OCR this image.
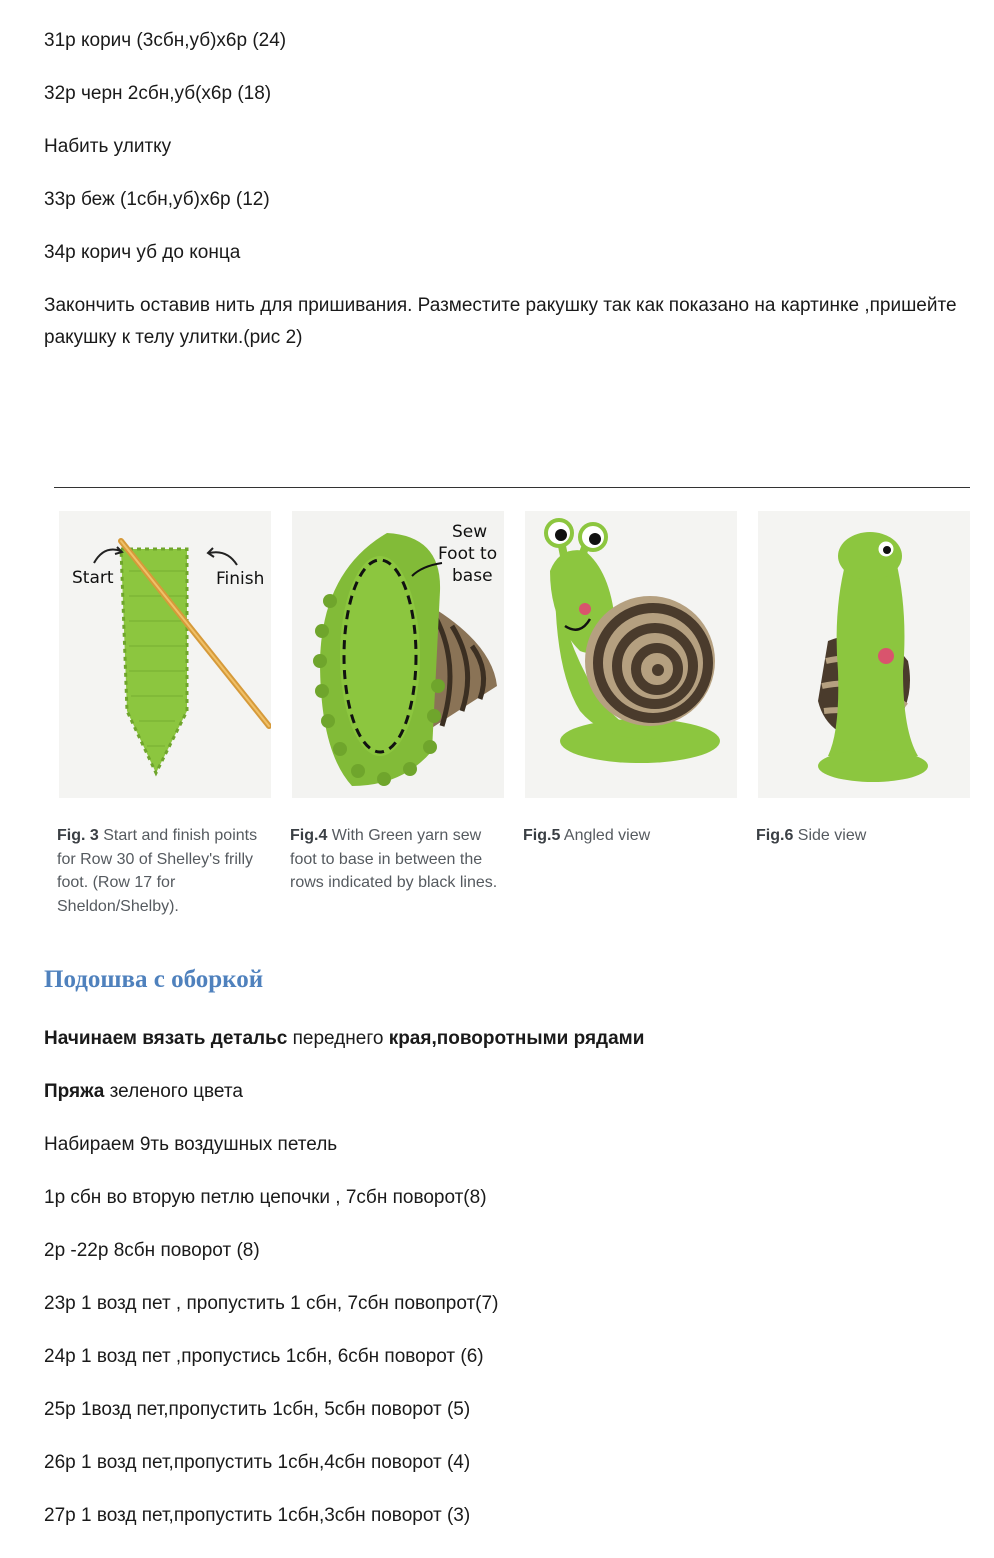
31р корич (3сбн,уб)х6р (24)

32р черн 2сбн,уб(х6р (18)

Набить улитку

33р беж (1сбн,уб)х6р (12)

34р корич уб до конца

Закончить оставив нить для пришивания. Разместите ракушку так как показано на картинке ,пришейте ракушку к телу улитки.(рис 2)

Start	Finish
Sew
Foot to
base

Fig. 3 Start and finish points for Row 30 of Shelley's frilly foot. (Row 17 for Sheldon/Shelby).

Fig.4 With Green yarn sew foot to base in between the rows indicated by black lines.

Fig.5 Angled view	Fig.6 Side view

Подошва с оборкой

Начинаем вязать детальс переднего края,поворотными рядами

Пряжа зеленого цвета

Набираем 9ть воздушных петель

1р сбн во вторую петлю цепочки , 7сбн поворот(8)

2р -22р 8сбн поворот (8)

23р 1 возд пет , пропустить 1 сбн, 7сбн повопрот(7)

24р 1 возд пет ,пропустись 1сбн, 6сбн поворот (6)

25р 1возд пет,пропустить 1сбн, 5сбн поворот (5)

26р 1 возд пет,пропустить 1сбн,4сбн поворот (4)

27р 1 возд пет,пропустить 1сбн,3сбн поворот (3)
